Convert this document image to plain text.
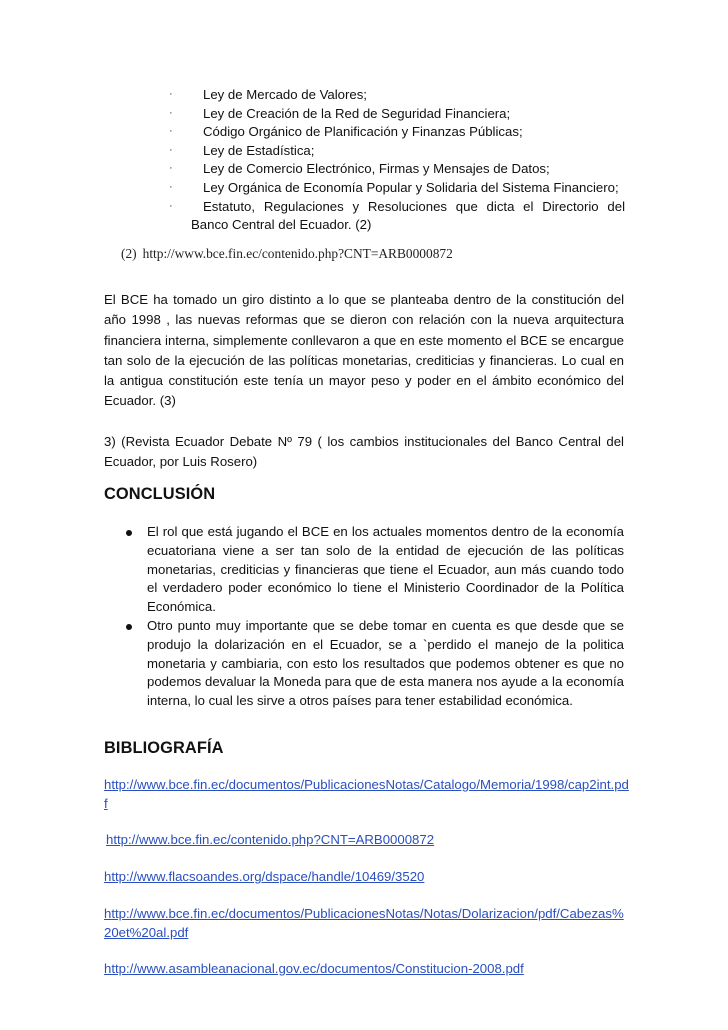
· Ley de Mercado de Valores;
· Ley de Creación de la Red de Seguridad Financiera;
· Código Orgánico de Planificación y Finanzas Públicas;
· Ley de Estadística;
· Ley de Comercio Electrónico, Firmas y Mensajes de Datos;
· Ley Orgánica de Economía Popular y Solidaria del Sistema Financiero;
· Estatuto, Regulaciones y Resoluciones que dicta el Directorio del
Banco Central del Ecuador. (2)
(2) http://www.bce.fin.ec/contenido.php?CNT=ARB0000872

El BCE ha tomado un giro distinto a lo que se planteaba dentro de la constitución del año 1998 , las nuevas reformas que se dieron con relación con la nueva arquitectura financiera interna, simplemente conllevaron a que en este momento el BCE se encargue tan solo de la ejecución de las políticas monetarias, crediticias y financieras. Lo cual en la antigua constitución este tenía un mayor peso y poder en el ámbito económico del Ecuador. (3)

3) (Revista Ecuador Debate Nº 79 ( los cambios institucionales del Banco Central del Ecuador, por Luis Rosero)

CONCLUSIÓN
El rol que está jugando el BCE en los actuales momentos dentro de la economía ecuatoriana viene a ser tan solo de la entidad de ejecución de las políticas monetarias, crediticias y financieras que tiene el Ecuador, aun más cuando todo el verdadero poder económico lo tiene el Ministerio Coordinador de la Política Económica.
Otro punto muy importante que se debe tomar en cuenta es que desde que se produjo la dolarización en el Ecuador, se a `perdido el manejo de la politica monetaria y cambiaria, con esto los resultados que podemos obtener es que no podemos devaluar la Moneda para que de esta manera nos ayude a la economía interna, lo cual les sirve a otros países para tener estabilidad económica.
BIBLIOGRAFÍA
http://www.bce.fin.ec/documentos/PublicacionesNotas/Catalogo/Memoria/1998/cap2int.pdf
http://www.bce.fin.ec/contenido.php?CNT=ARB0000872
http://www.flacsoandes.org/dspace/handle/10469/3520
http://www.bce.fin.ec/documentos/PublicacionesNotas/Notas/Dolarizacion/pdf/Cabezas%20et%20al.pdf
http://www.asambleanacional.gov.ec/documentos/Constitucion-2008.pdf
